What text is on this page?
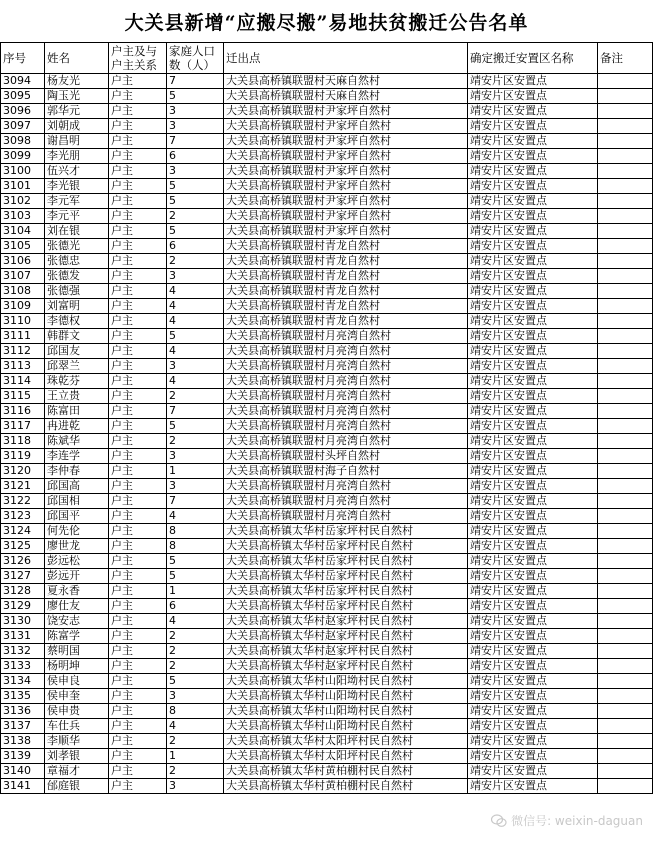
大关县新增“应搬尽搬”易地扶贫搬迁公告名单
序号	姓名	户主及与户主关系	家庭人口数（人）	迁出点	确定搬迁安置区名称	备注
3094	杨友光	户主	7	大关县高桥镇联盟村天麻自然村	靖安片区安置点	
3095	陶玉光	户主	5	大关县高桥镇联盟村天麻自然村	靖安片区安置点	
3096	郭华元	户主	3	大关县高桥镇联盟村尹家坪自然村	靖安片区安置点	
3097	刘朝成	户主	3	大关县高桥镇联盟村尹家坪自然村	靖安片区安置点	
3098	谢昌明	户主	7	大关县高桥镇联盟村尹家坪自然村	靖安片区安置点	
3099	李光朋	户主	6	大关县高桥镇联盟村尹家坪自然村	靖安片区安置点	
3100	伍兴才	户主	3	大关县高桥镇联盟村尹家坪自然村	靖安片区安置点	
3101	李光银	户主	5	大关县高桥镇联盟村尹家坪自然村	靖安片区安置点	
3102	李元军	户主	5	大关县高桥镇联盟村尹家坪自然村	靖安片区安置点	
3103	李元平	户主	2	大关县高桥镇联盟村尹家坪自然村	靖安片区安置点	
3104	刘在银	户主	5	大关县高桥镇联盟村尹家坪自然村	靖安片区安置点	
3105	张德光	户主	6	大关县高桥镇联盟村青龙自然村	靖安片区安置点	
3106	张德忠	户主	2	大关县高桥镇联盟村青龙自然村	靖安片区安置点	
3107	张德发	户主	3	大关县高桥镇联盟村青龙自然村	靖安片区安置点	
3108	张德强	户主	4	大关县高桥镇联盟村青龙自然村	靖安片区安置点	
3109	刘富明	户主	4	大关县高桥镇联盟村青龙自然村	靖安片区安置点	
3110	李德权	户主	4	大关县高桥镇联盟村青龙自然村	靖安片区安置点	
3111	韩群文	户主	5	大关县高桥镇联盟村月亮湾自然村	靖安片区安置点	
3112	邱国友	户主	4	大关县高桥镇联盟村月亮湾自然村	靖安片区安置点	
3113	邱翠兰	户主	3	大关县高桥镇联盟村月亮湾自然村	靖安片区安置点	
3114	珠乾芬	户主	4	大关县高桥镇联盟村月亮湾自然村	靖安片区安置点	
3115	王立贵	户主	2	大关县高桥镇联盟村月亮湾自然村	靖安片区安置点	
3116	陈富田	户主	7	大关县高桥镇联盟村月亮湾自然村	靖安片区安置点	
3117	冉进乾	户主	5	大关县高桥镇联盟村月亮湾自然村	靖安片区安置点	
3118	陈斌华	户主	2	大关县高桥镇联盟村月亮湾自然村	靖安片区安置点	
3119	李连学	户主	3	大关县高桥镇联盟村头坪自然村	靖安片区安置点	
3120	李仲春	户主	1	大关县高桥镇联盟村海子自然村	靖安片区安置点	
3121	邱国高	户主	3	大关县高桥镇联盟村月亮湾自然村	靖安片区安置点	
3122	邱国相	户主	7	大关县高桥镇联盟村月亮湾自然村	靖安片区安置点	
3123	邱国平	户主	4	大关县高桥镇联盟村月亮湾自然村	靖安片区安置点	
3124	何先伦	户主	8	大关县高桥镇太华村岳家坪村民自然村	靖安片区安置点	
3125	廖世龙	户主	8	大关县高桥镇太华村岳家坪村民自然村	靖安片区安置点	
3126	彭远松	户主	5	大关县高桥镇太华村岳家坪村民自然村	靖安片区安置点	
3127	彭远开	户主	5	大关县高桥镇太华村岳家坪村民自然村	靖安片区安置点	
3128	夏永香	户主	1	大关县高桥镇太华村岳家坪村民自然村	靖安片区安置点	
3129	廖仕友	户主	6	大关县高桥镇太华村岳家坪村民自然村	靖安片区安置点	
3130	饶安志	户主	4	大关县高桥镇太华村赵家坪村民自然村	靖安片区安置点	
3131	陈富学	户主	2	大关县高桥镇太华村赵家坪村民自然村	靖安片区安置点	
3132	蔡明国	户主	2	大关县高桥镇太华村赵家坪村民自然村	靖安片区安置点	
3133	杨明坤	户主	2	大关县高桥镇太华村赵家坪村民自然村	靖安片区安置点	
3134	侯申良	户主	5	大关县高桥镇太华村山阳坳村民自然村	靖安片区安置点	
3135	侯申奎	户主	3	大关县高桥镇太华村山阳坳村民自然村	靖安片区安置点	
3136	侯申贵	户主	8	大关县高桥镇太华村山阳坳村民自然村	靖安片区安置点	
3137	车仕兵	户主	4	大关县高桥镇太华村山阳坳村民自然村	靖安片区安置点	
3138	李顺华	户主	2	大关县高桥镇太华村太阳坪村民自然村	靖安片区安置点	
3139	刘孝银	户主	1	大关县高桥镇太华村太阳坪村民自然村	靖安片区安置点	
3140	章福才	户主	2	大关县高桥镇太华村黄柏棚村民自然村	靖安片区安置点	
3141	邰庭银	户主	3	大关县高桥镇太华村黄柏棚村民自然村	靖安片区安置点	
微信号: weixin-daguan
